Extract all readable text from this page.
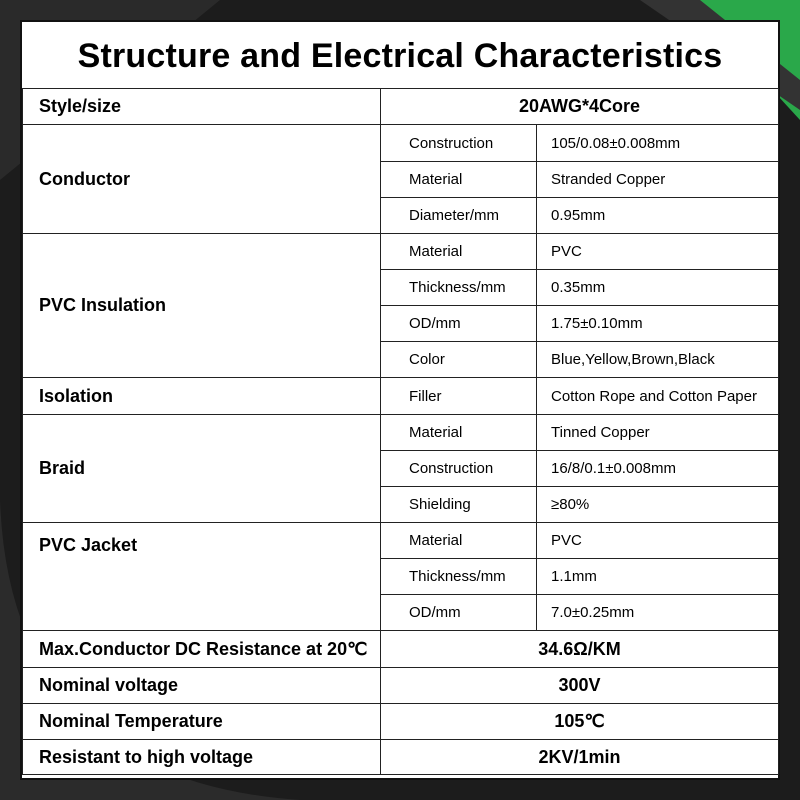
Structure and Electrical Characteristics
Style/size	20AWG*4Core	
Conductor	Construction	105/0.08±0.008mm
	Material	Stranded Copper
	Diameter/mm	0.95mm
PVC Insulation	Material	PVC
	Thickness/mm	0.35mm
	OD/mm	1.75±0.10mm
	Color	Blue,Yellow,Brown,Black
Isolation	Filler	Cotton Rope and Cotton Paper
Braid	Material	Tinned Copper
	Construction	16/8/0.1±0.008mm
	Shielding	≥80%
PVC Jacket	Material	PVC
	Thickness/mm	1.1mm
	OD/mm	7.0±0.25mm
Max.Conductor DC Resistance at 20℃	34.6Ω/KM	
Nominal voltage	300V	
Nominal Temperature	105℃	
Resistant to high voltage	2KV/1min	
